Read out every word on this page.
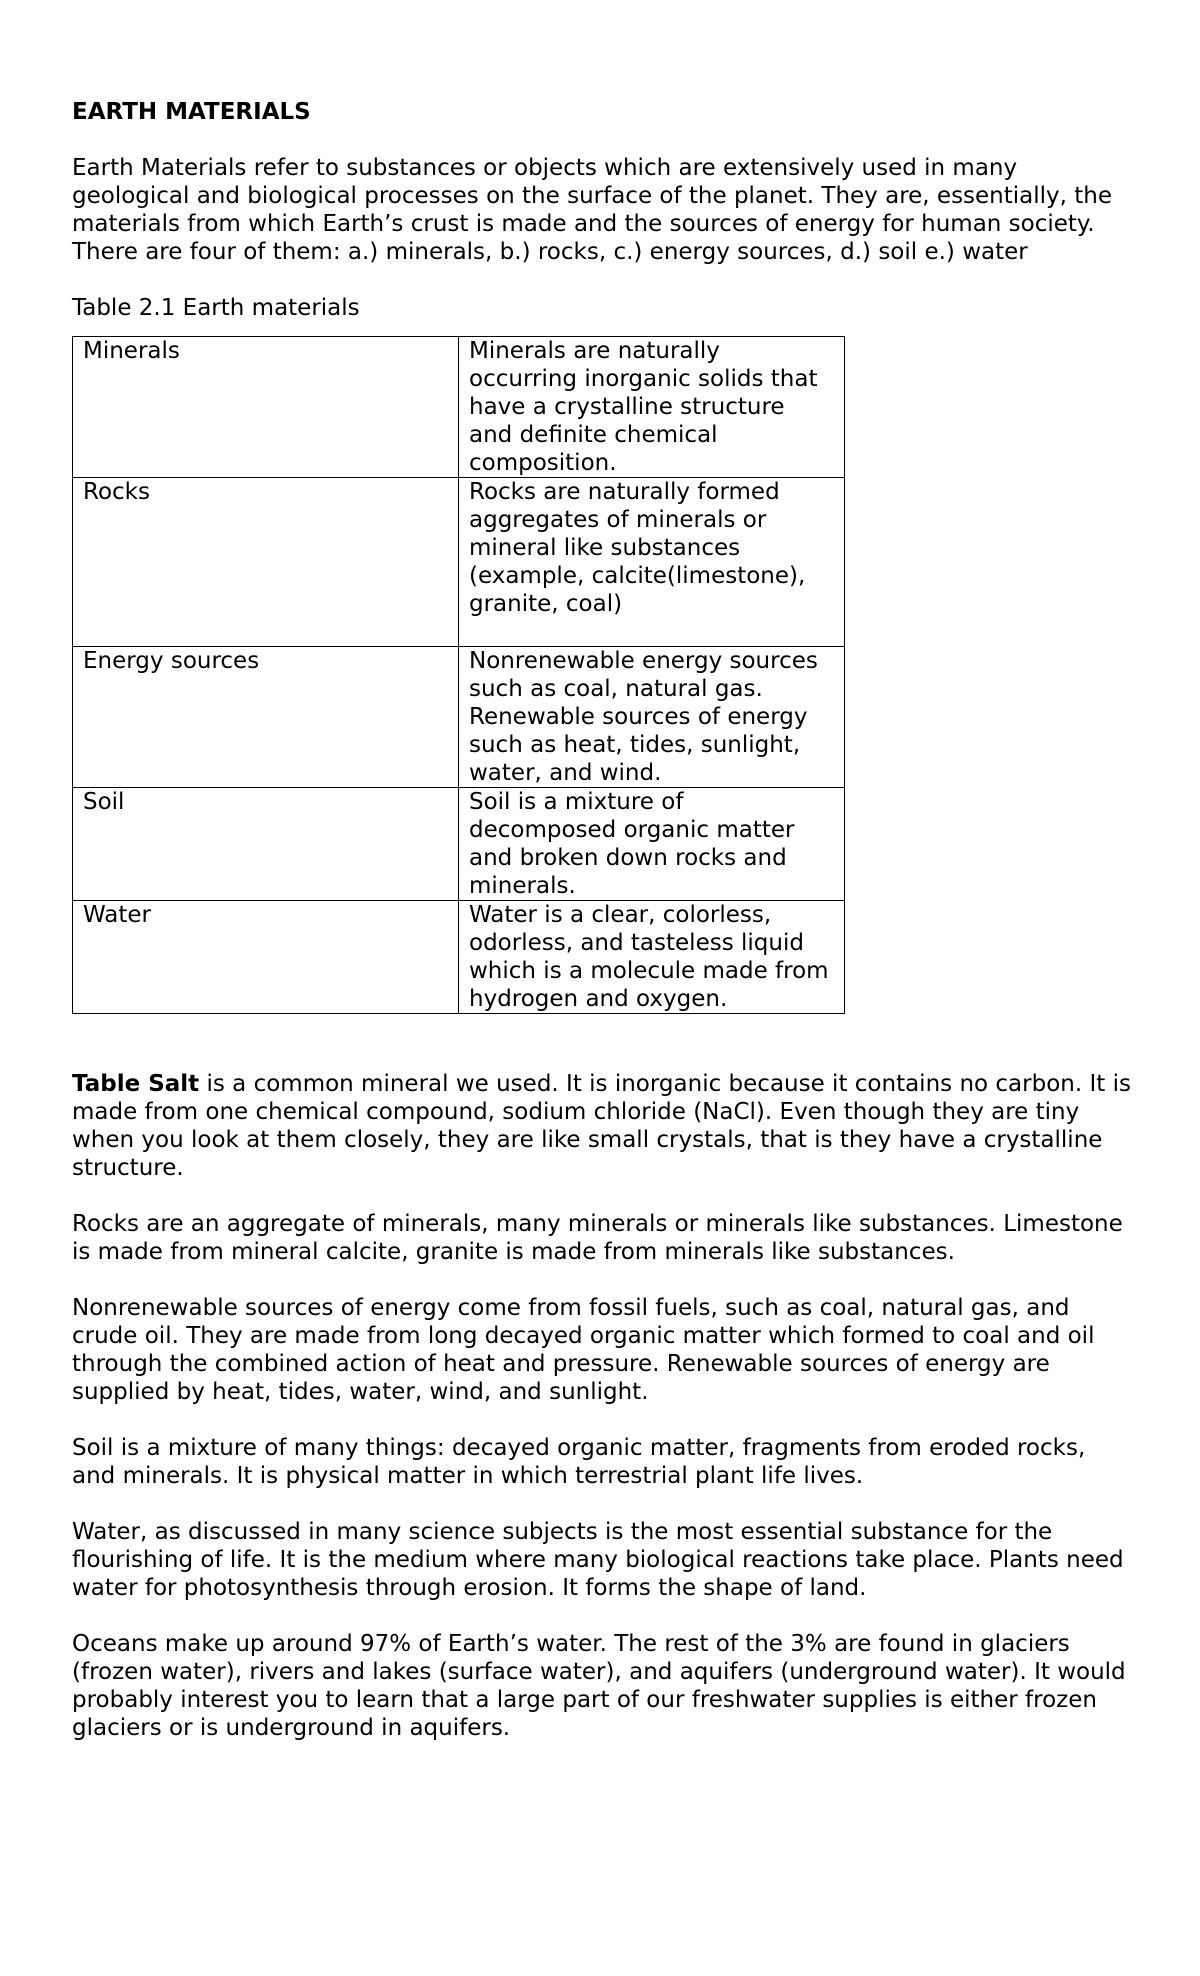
EARTH MATERIALS
Earth Materials refer to substances or objects which are extensively used in many geological and biological processes on the surface of the planet. They are, essentially, the materials from which Earth’s crust is made and the sources of energy for human society. There are four of them: a.) minerals, b.) rocks, c.) energy sources, d.) soil e.) water
Table 2.1 Earth materials
Minerals	Minerals are naturally occurring inorganic solids that have a crystalline structure and definite chemical composition.
Rocks	Rocks are naturally formed aggregates of minerals or mineral like substances (example, calcite(limestone), granite, coal)
Energy sources	Nonrenewable energy sources such as coal, natural gas. Renewable sources of energy such as heat, tides, sunlight, water, and wind.
Soil	Soil is a mixture of decomposed organic matter and broken down rocks and minerals.
Water	Water is a clear, colorless, odorless, and tasteless liquid which is a molecule made from hydrogen and oxygen.
Table Salt is a common mineral we used. It is inorganic because it contains no carbon. It is made from one chemical compound, sodium chloride (NaCl). Even though they are tiny when you look at them closely, they are like small crystals, that is they have a crystalline structure.
Rocks are an aggregate of minerals, many minerals or minerals like substances. Limestone is made from mineral calcite, granite is made from minerals like substances.
Nonrenewable sources of energy come from fossil fuels, such as coal, natural gas, and crude oil. They are made from long decayed organic matter which formed to coal and oil through the combined action of heat and pressure. Renewable sources of energy are supplied by heat, tides, water, wind, and sunlight.
Soil is a mixture of many things: decayed organic matter, fragments from eroded rocks, and minerals. It is physical matter in which terrestrial plant life lives.
Water, as discussed in many science subjects is the most essential substance for the flourishing of life. It is the medium where many biological reactions take place. Plants need water for photosynthesis through erosion. It forms the shape of land.
Oceans make up around 97% of Earth’s water. The rest of the 3% are found in glaciers (frozen water), rivers and lakes (surface water), and aquifers (underground water). It would probably interest you to learn that a large part of our freshwater supplies is either frozen glaciers or is underground in aquifers.
